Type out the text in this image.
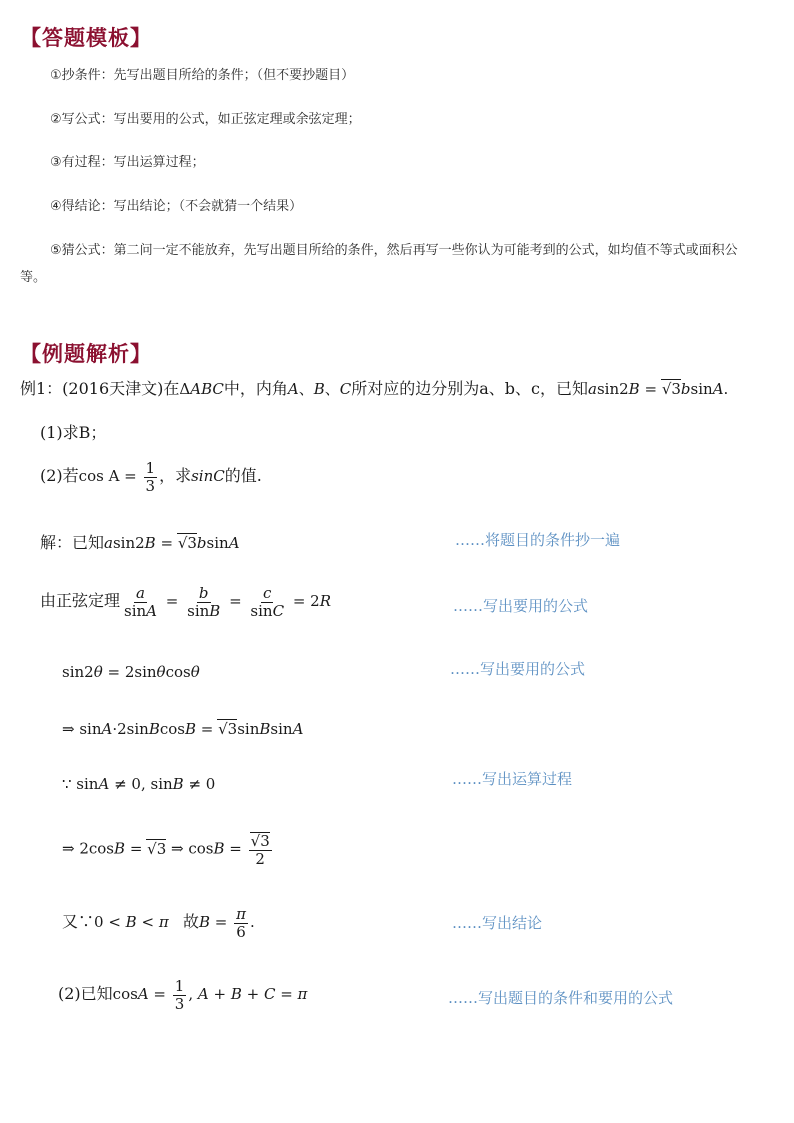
【答题模板】
①抄条件：先写出题目所给的条件；（但不要抄题目）
②写公式：写出要用的公式，如正弦定理或余弦定理；
③有过程：写出运算过程；
④得结论：写出结论；（不会就猜一个结果）
⑤猜公式：第二问一定不能放弃，先写出题目所给的条件，然后再写一些你认为可能考到的公式，如均值不等式或面积公
等。
【例题解析】
例1：(2016天津文)在ΔABC中，内角A、B、C所对应的边分别为a、b、c，已知asin2B = √3bsinA.
(1)求B；
(2)若$\cos A = \frac{1}{3}$ ，求sinC的值.
解：已知asin2B = √3bsinA	……将题目的条件抄一遍
由正弦定理 $\frac{a}{\sin A} = \frac{b}{\sin B} = \frac{c}{\sin C} = 2R$	……写出要用的公式
sin2θ = 2sinθcosθ	……写出要用的公式
⇒ sinA·2sinBcosB = √3sinBsinA
∵ sinA ≠ 0, sinB ≠ 0	……写出运算过程
⇒ 2cosB = √3 ⇒ $\cos B = \frac{√3}{2}$
又∵0 < B < π 故$B = \frac{\pi}{6}$ .	……写出结论
(2)已知$\cos A = \frac{1}{3}$ , A + B + C = π	……写出题目的条件和要用的公式
